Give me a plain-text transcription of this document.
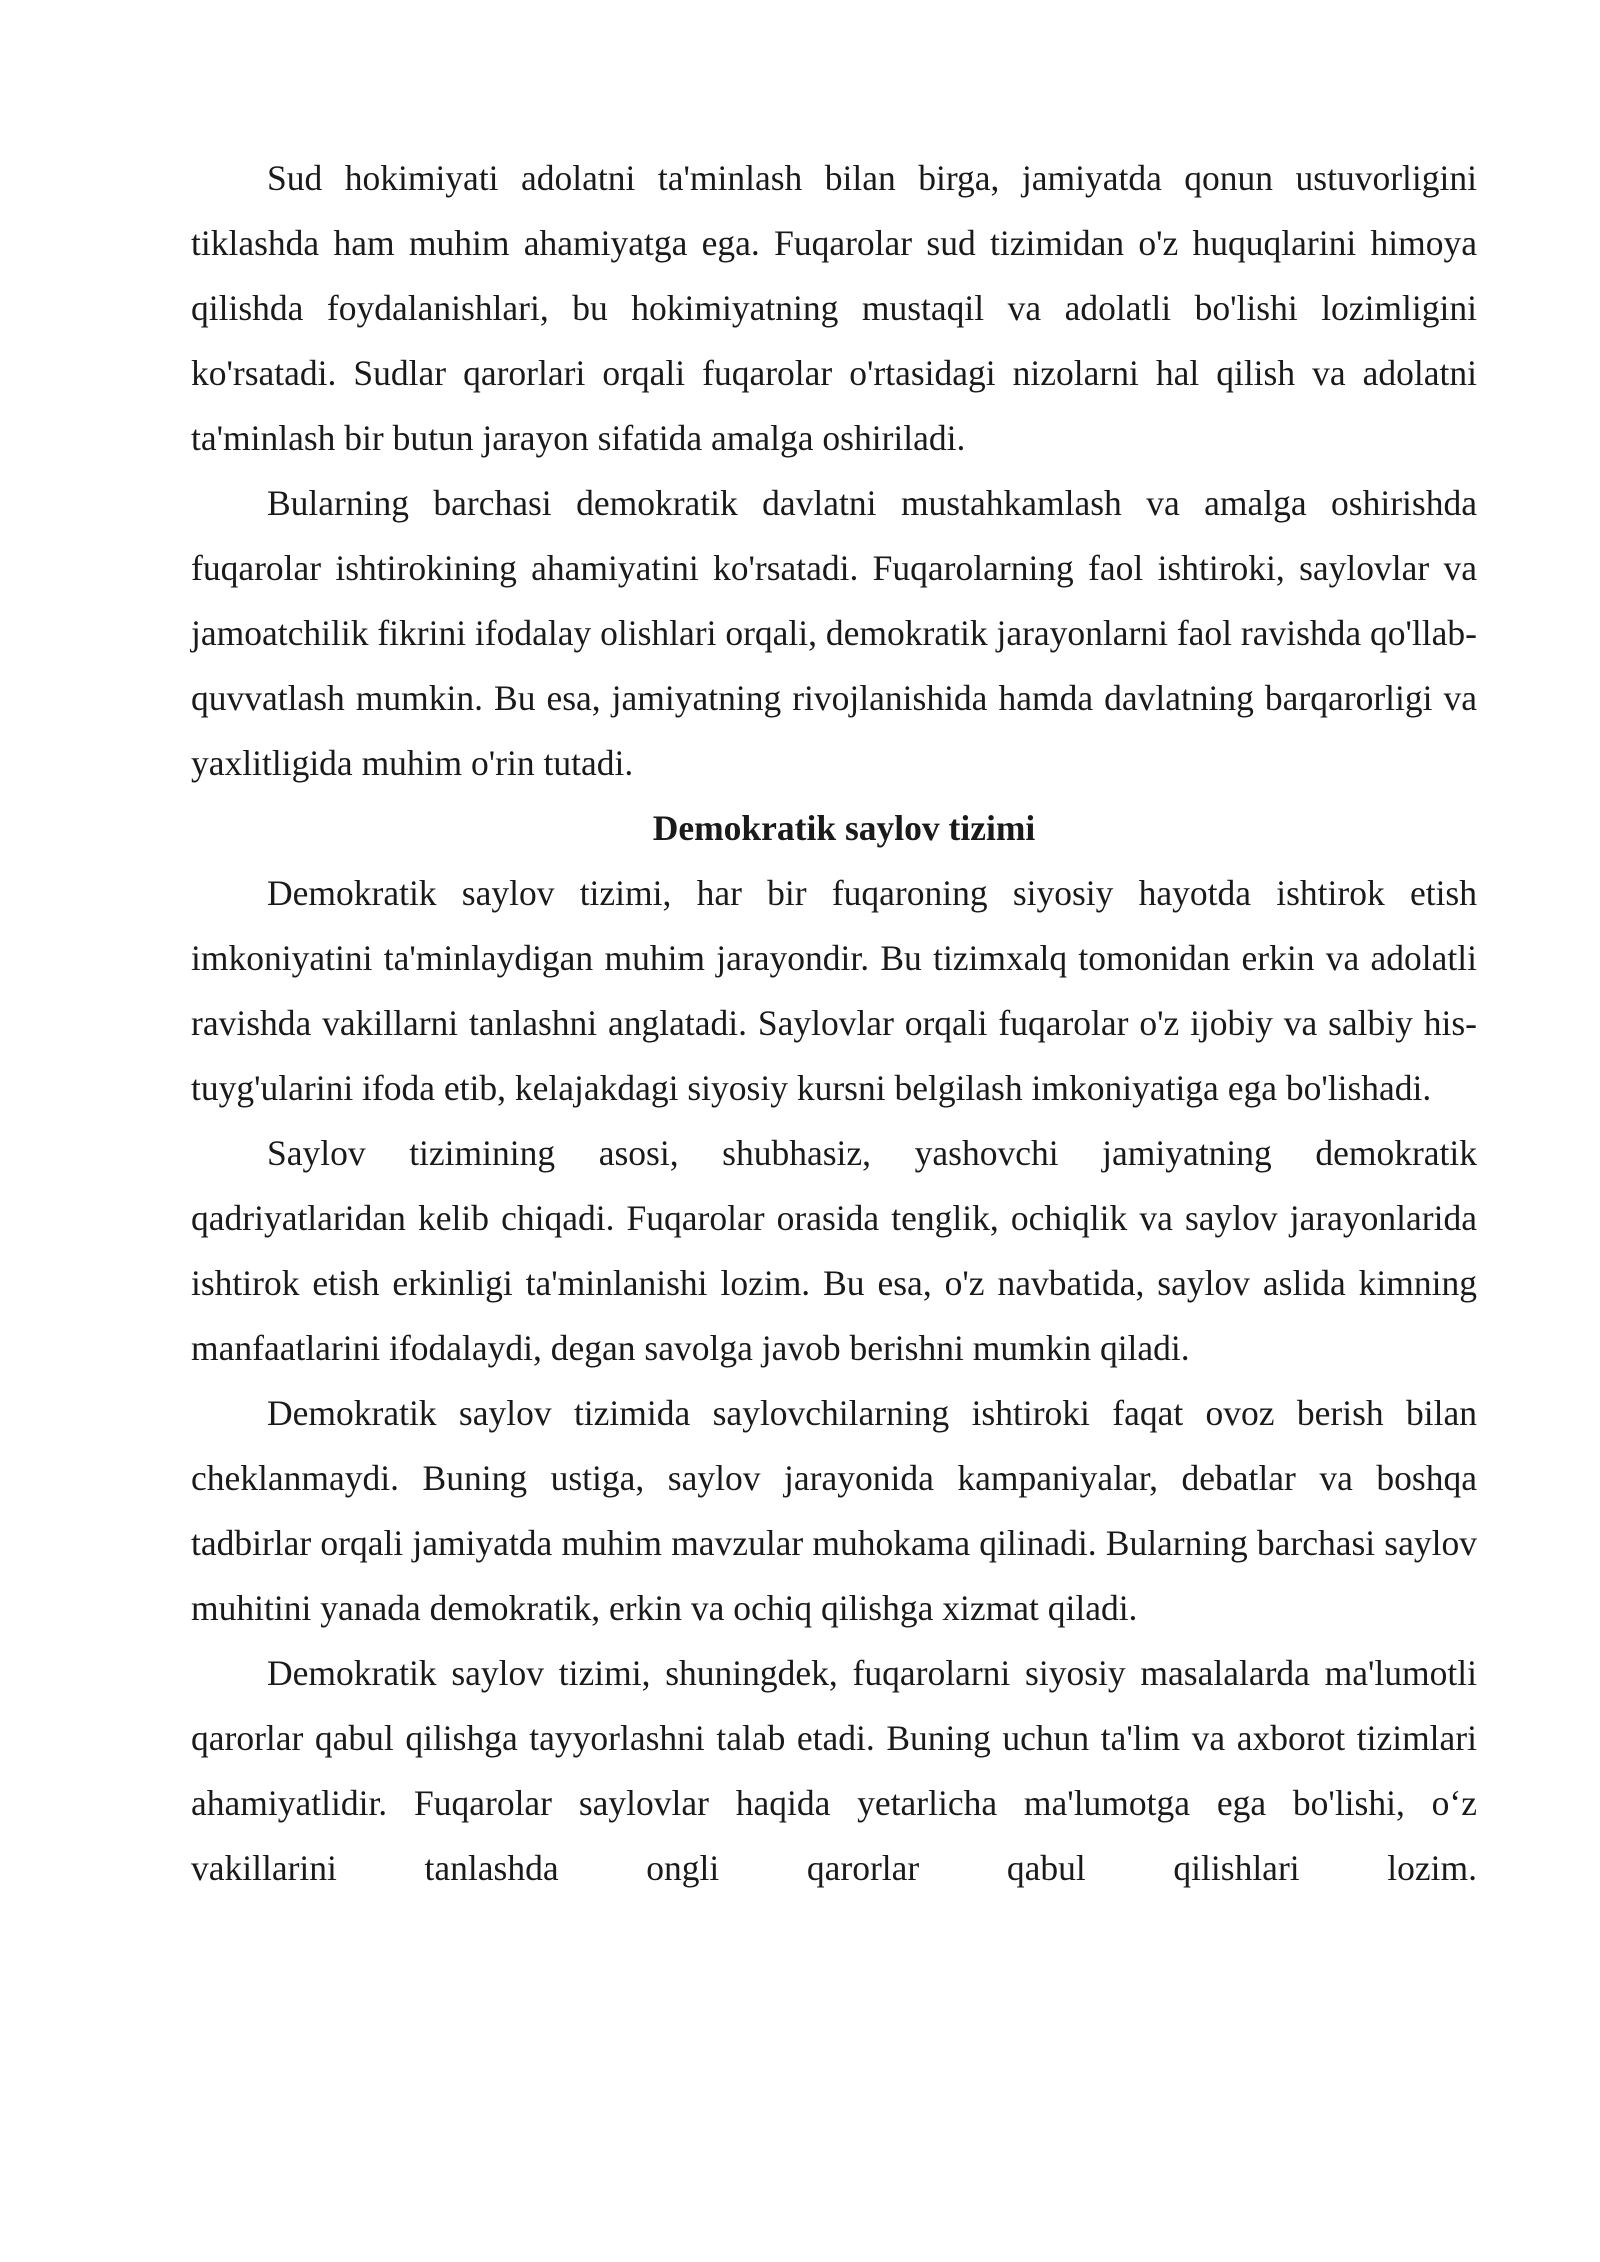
Sud hokimiyati adolatni ta'minlash bilan birga, jamiyatda qonun ustuvorligini tiklashda ham muhim ahamiyatga ega. Fuqarolar sud tizimidan o'z huquqlarini himoya qilishda foydalanishlari, bu hokimiyatning mustaqil va adolatli bo'lishi lozimligini ko'rsatadi. Sudlar qarorlari orqali fuqarolar o'rtasidagi nizolarni hal qilish va adolatni ta'minlash bir butun jarayon sifatida amalga oshiriladi.

Bularning barchasi demokratik davlatni mustahkamlash va amalga oshirishda fuqarolar ishtirokining ahamiyatini ko'rsatadi. Fuqarolarning faol ishtiroki, saylovlar va jamoatchilik fikrini ifodalay olishlari orqali, demokratik jarayonlarni faol ravishda qo'llab-quvvatlash mumkin. Bu esa, jamiyatning rivojlanishida hamda davlatning barqarorligi va yaxlitligida muhim o'rin tutadi.

Demokratik saylov tizimi

Demokratik saylov tizimi, har bir fuqaroning siyosiy hayotda ishtirok etish imkoniyatini ta'minlaydigan muhim jarayondir. Bu tizimxalq tomonidan erkin va adolatli ravishda vakillarni tanlashni anglatadi. Saylovlar orqali fuqarolar o'z ijobiy va salbiy his-tuyg'ularini ifoda etib, kelajakdagi siyosiy kursni belgilash imkoniyatiga ega bo'lishadi.

Saylov tizimining asosi, shubhasiz, yashovchi jamiyatning demokratik qadriyatlaridan kelib chiqadi. Fuqarolar orasida tenglik, ochiqlik va saylov jarayonlarida ishtirok etish erkinligi ta'minlanishi lozim. Bu esa, o'z navbatida, saylov aslida kimning manfaatlarini ifodalaydi, degan savolga javob berishni mumkin qiladi.

Demokratik saylov tizimida saylovchilarning ishtiroki faqat ovoz berish bilan cheklanmaydi. Buning ustiga, saylov jarayonida kampaniyalar, debatlar va boshqa tadbirlar orqali jamiyatda muhim mavzular muhokama qilinadi. Bularning barchasi saylov muhitini yanada demokratik, erkin va ochiq qilishga xizmat qiladi.

Demokratik saylov tizimi, shuningdek, fuqarolarni siyosiy masalalarda ma'lumotli qarorlar qabul qilishga tayyorlashni talab etadi. Buning uchun ta'lim va axborot tizimlari ahamiyatlidir. Fuqarolar saylovlar haqida yetarlicha ma'lumotga ega bo'lishi, o‘z vakillarini tanlashda ongli qarorlar qabul qilishlari lozim.
